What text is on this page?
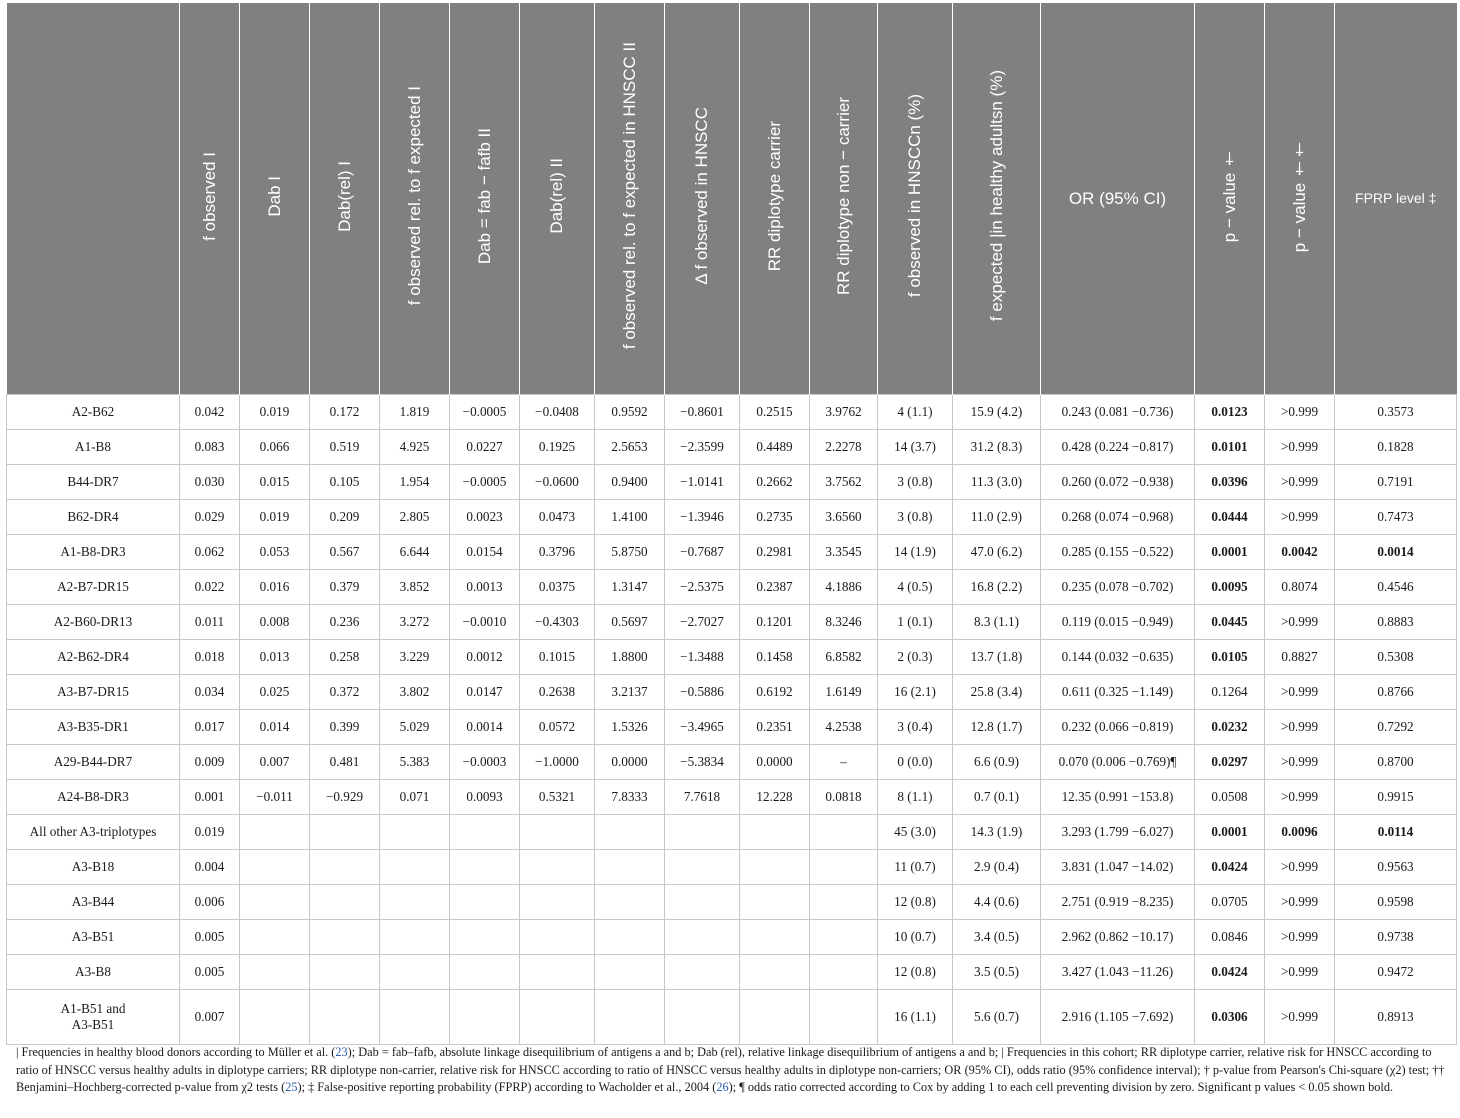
	f observed I	Dab I	Dab(rel) I	f observed rel. to f expected I	Dab = fab − fafb II	Dab(rel) II	f observed rel. to f expected in HNSCC II	Δ f observed in HNSCC	RR diplotype carrier	RR diplotype non − carrier	f observed in HNSCCn (%)	f expected |in healthy adultsn (%)	OR (95% CI)	p − value †	p − value ††	FPRP level ‡
A2-B62	0.042	0.019	0.172	1.819	−0.0005	−0.0408	0.9592	−0.8601	0.2515	3.9762	4 (1.1)	15.9 (4.2)	0.243 (0.081 −0.736)	0.0123	>0.999	0.3573
A1-B8	0.083	0.066	0.519	4.925	0.0227	0.1925	2.5653	−2.3599	0.4489	2.2278	14 (3.7)	31.2 (8.3)	0.428 (0.224 −0.817)	0.0101	>0.999	0.1828
B44-DR7	0.030	0.015	0.105	1.954	−0.0005	−0.0600	0.9400	−1.0141	0.2662	3.7562	3 (0.8)	11.3 (3.0)	0.260 (0.072 −0.938)	0.0396	>0.999	0.7191
B62-DR4	0.029	0.019	0.209	2.805	0.0023	0.0473	1.4100	−1.3946	0.2735	3.6560	3 (0.8)	11.0 (2.9)	0.268 (0.074 −0.968)	0.0444	>0.999	0.7473
A1-B8-DR3	0.062	0.053	0.567	6.644	0.0154	0.3796	5.8750	−0.7687	0.2981	3.3545	14 (1.9)	47.0 (6.2)	0.285 (0.155 −0.522)	0.0001	0.0042	0.0014
A2-B7-DR15	0.022	0.016	0.379	3.852	0.0013	0.0375	1.3147	−2.5375	0.2387	4.1886	4 (0.5)	16.8 (2.2)	0.235 (0.078 −0.702)	0.0095	0.8074	0.4546
A2-B60-DR13	0.011	0.008	0.236	3.272	−0.0010	−0.4303	0.5697	−2.7027	0.1201	8.3246	1 (0.1)	8.3 (1.1)	0.119 (0.015 −0.949)	0.0445	>0.999	0.8883
A2-B62-DR4	0.018	0.013	0.258	3.229	0.0012	0.1015	1.8800	−1.3488	0.1458	6.8582	2 (0.3)	13.7 (1.8)	0.144 (0.032 −0.635)	0.0105	0.8827	0.5308
A3-B7-DR15	0.034	0.025	0.372	3.802	0.0147	0.2638	3.2137	−0.5886	0.6192	1.6149	16 (2.1)	25.8 (3.4)	0.611 (0.325 −1.149)	0.1264	>0.999	0.8766
A3-B35-DR1	0.017	0.014	0.399	5.029	0.0014	0.0572	1.5326	−3.4965	0.2351	4.2538	3 (0.4)	12.8 (1.7)	0.232 (0.066 −0.819)	0.0232	>0.999	0.7292
A29-B44-DR7	0.009	0.007	0.481	5.383	−0.0003	−1.0000	0.0000	−5.3834	0.0000	–	0 (0.0)	6.6 (0.9)	0.070 (0.006 −0.769)¶	0.0297	>0.999	0.8700
A24-B8-DR3	0.001	−0.011	−0.929	0.071	0.0093	0.5321	7.8333	7.7618	12.228	0.0818	8 (1.1)	0.7 (0.1)	12.35 (0.991 −153.8)	0.0508	>0.999	0.9915
All other A3-triplotypes	0.019										45 (3.0)	14.3 (1.9)	3.293 (1.799 −6.027)	0.0001	0.0096	0.0114
A3-B18	0.004										11 (0.7)	2.9 (0.4)	3.831 (1.047 −14.02)	0.0424	>0.999	0.9563
A3-B44	0.006										12 (0.8)	4.4 (0.6)	2.751 (0.919 −8.235)	0.0705	>0.999	0.9598
A3-B51	0.005										10 (0.7)	3.4 (0.5)	2.962 (0.862 −10.17)	0.0846	>0.999	0.9738
A3-B8	0.005										12 (0.8)	3.5 (0.5)	3.427 (1.043 −11.26)	0.0424	>0.999	0.9472
A1-B51 and
A3-B51	0.007										16 (1.1)	5.6 (0.7)	2.916 (1.105 −7.692)	0.0306	>0.999	0.8913
| Frequencies in healthy blood donors according to Müller et al. (23); Dab = fab–fafb, absolute linkage disequilibrium of antigens a and b; Dab (rel), relative linkage disequilibrium of antigens a and b; | Frequencies in this cohort; RR diplotype carrier, relative risk for HNSCC according to ratio of HNSCC versus healthy adults in diplotype carriers; RR diplotype non-carrier, relative risk for HNSCC according to ratio of HNSCC versus healthy adults in diplotype non-carriers; OR (95% CI), odds ratio (95% confidence interval); † p-value from Pearson's Chi-square (χ2) test; †† Benjamini–Hochberg-corrected p-value from χ2 tests (25); ‡ False-positive reporting probability (FPRP) according to Wacholder et al., 2004 (26); ¶ odds ratio corrected according to Cox by adding 1 to each cell preventing division by zero. Significant p values < 0.05 shown bold.
